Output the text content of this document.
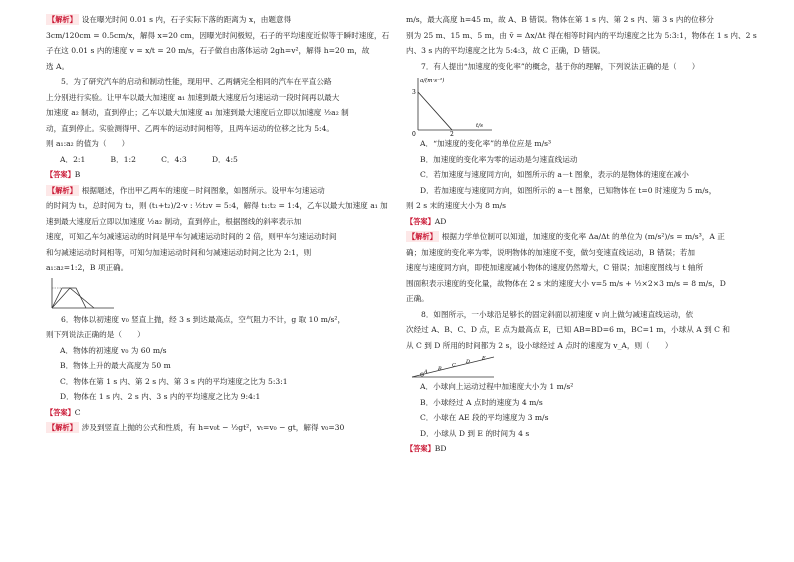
【解析】 设在曝光时间 0.01 s 内，石子实际下落的距离为 x，由题意得

3cm/120cm = 0.5cm/x，解得 x=20 cm，因曝光时间极短，石子的平均速度近似等于瞬时速度，石

子在这 0.01 s 内的速度 v = x/t = 20 m/s，石子做自由落体运动 2gh=v²，解得 h=20 m，故

选 A。

5．为了研究汽车的启动和制动性能，现用甲、乙两辆完全相同的汽车在平直公路

上分别进行实验。让甲车以最大加速度 a₁ 加速到最大速度后匀速运动一段时间再以最大

加速度 a₂ 制动，直到停止；乙车以最大加速度 a₁ 加速到最大速度后立即以加速度 ½a₂ 制

动，直到停止。实验测得甲、乙两车的运动时间相等，且两车运动的位移之比为 5:4。

则 a₁:a₂ 的值为（　　）

A．2:1   	B．1:2   	C．4:3   	D．4:5

【答案】B

【解析】 根据题述，作出甲乙两车的速度－时间图象，如图所示。设甲车匀速运动

的时间为 t₁，总时间为 t₂，则 (t₁+t₂)/2·v : ½t₂v = 5:4，解得 t₁:t₂ = 1:4，乙车以最大加速度 a₁ 加

速到最大速度后立即以加速度 ½a₂ 制动，直到停止，根据图线的斜率表示加

速度，可知乙车匀减速运动的时间是甲车匀减速运动时间的 2 倍，则甲车匀速运动时间

和匀减速运动时间相等，可知匀加速运动时间和匀减速运动时间之比为 2:1，则

a₁:a₂=1:2，B 项正确。

6．物体以初速度 v₀ 竖直上抛，经 3 s 到达最高点，空气阻力不计，g 取 10 m/s²，

则下列说法正确的是（　　）

A．物体的初速度 v₀ 为 60 m/s

B．物体上升的最大高度为 50 m

C．物体在第 1 s 内、第 2 s 内、第 3 s 内的平均速度之比为 5:3:1

D．物体在 1 s 内、2 s 内、3 s 内的平均速度之比为 9:4:1

【答案】C

【解析】 涉及到竖直上抛的公式和性质，有 h=v₀t − ½gt²，vₜ=v₀ − gt，解得 v₀=30

m/s，最大高度 h=45 m，故 A、B 错误。物体在第 1 s 内、第 2 s 内、第 3 s 内的位移分

别为 25 m、15 m、5 m，由 v̄ = Δx/Δt 得在相等时间内的平均速度之比为 5:3:1，物体在 1 s 内、2 s

内、3 s 内的平均速度之比为 5:4:3，故 C 正确，D 错误。

7．有人提出“加速度的变化率”的概念，基于你的理解，下列说法正确的是（　　）

a/(m·s⁻²)
t/s
3
2
0

A．“加速度的变化率”的单位应是 m/s³

B．加速度的变化率为零的运动是匀速直线运动

C．若加速度与速度同方向，如图所示的 a－t 图象，表示的是物体的速度在减小

D．若加速度与速度同方向，如图所示的 a－t 图象，已知物体在 t=0 时速度为 5 m/s，

则 2 s 末的速度大小为 8 m/s

【答案】AD

【解析】 根据力学单位制可以知道，加速度的变化率 Δa/Δt 的单位为 (m/s²)/s = m/s³，A 正

确；加速度的变化率为零，说明物体的加速度不变，做匀变速直线运动，B 错误；若加

速度与速度同方向，即使加速度减小物体的速度仍然增大，C 错误；加速度图线与 t 轴所

围面积表示速度的变化量，故物体在 2 s 末的速度大小 v=5 m/s + ½×2×3 m/s = 8 m/s，D

正确。

8．如图所示，一小球沿足够长的固定斜面以初速度 v 向上做匀减速直线运动，依

次经过 A、B、C、D 点，E 点为最高点 E，已知 AB=BD=6 m，BC=1 m，小球从 A 到 C 和

从 C 到 D 所用的时间都为 2 s，设小球经过 A 点时的速度为 v_A，则（　　）

A B
C
D
E

A．小球向上运动过程中加速度大小为 1 m/s²

B．小球经过 A 点时的速度为 4 m/s

C．小球在 AE 段的平均速度为 3 m/s

D．小球从 D 到 E 的时间为 4 s

【答案】BD
